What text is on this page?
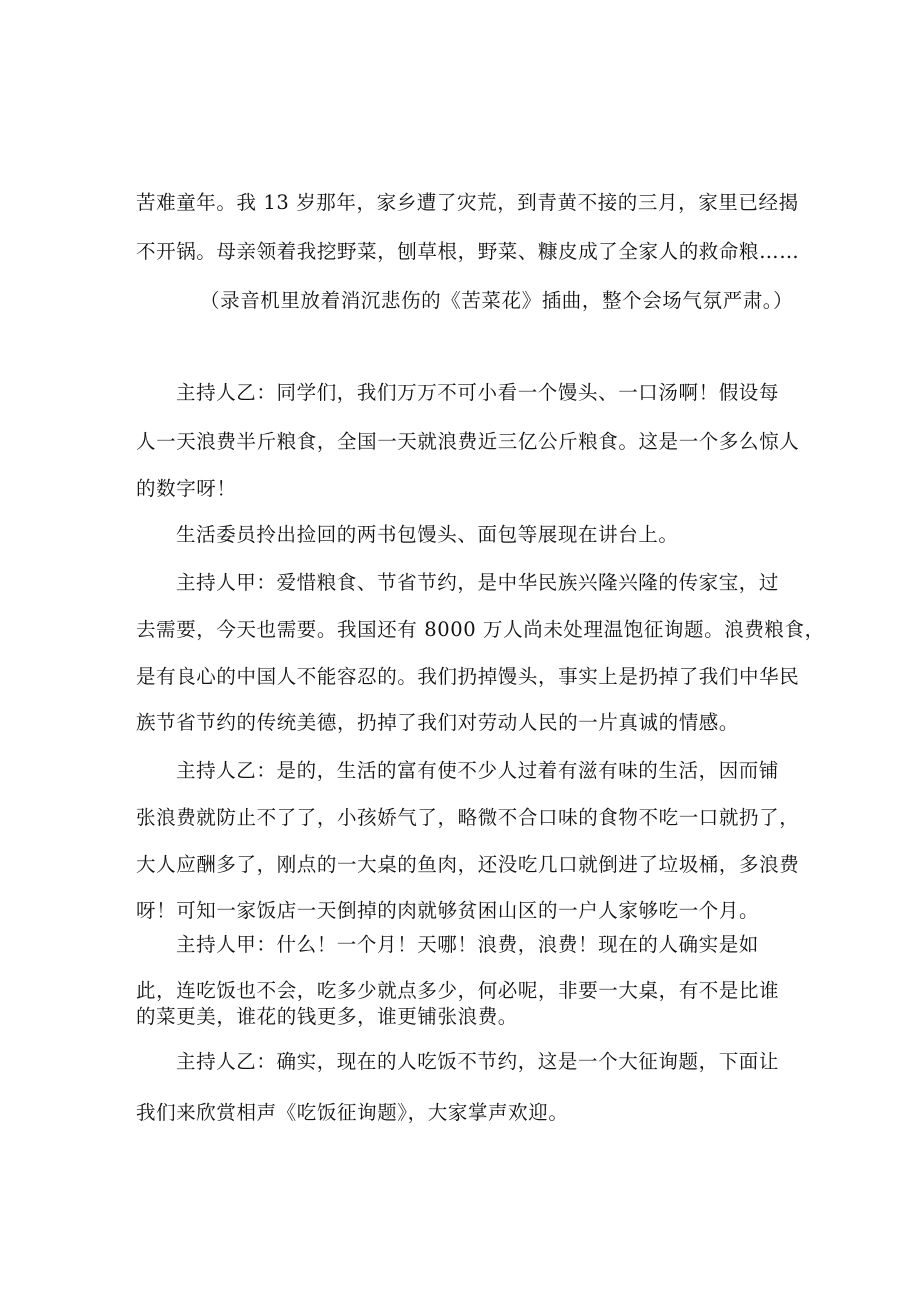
苦难童年。我 13 岁那年，家乡遭了灾荒，到青黄不接的三月，家里已经揭
不开锅。母亲领着我挖野菜，刨草根，野菜、糠皮成了全家人的救命粮……
（录音机里放着消沉悲伤的《苦菜花》插曲，整个会场气氛严肃。）
主持人乙：同学们，我们万万不可小看一个馒头、一口汤啊！假设每
人一天浪费半斤粮食，全国一天就浪费近三亿公斤粮食。这是一个多么惊人
的数字呀！
生活委员拎出捡回的两书包馒头、面包等展现在讲台上。
主持人甲：爱惜粮食、节省节约，是中华民族兴隆兴隆的传家宝，过
去需要，今天也需要。我国还有 8000 万人尚未处理温饱征询题。浪费粮食，
是有良心的中国人不能容忍的。我们扔掉馒头，事实上是扔掉了我们中华民
族节省节约的传统美德，扔掉了我们对劳动人民的一片真诚的情感。
主持人乙：是的，生活的富有使不少人过着有滋有味的生活，因而铺
张浪费就防止不了了，小孩娇气了，略微不合口味的食物不吃一口就扔了，
大人应酬多了，刚点的一大桌的鱼肉，还没吃几口就倒进了垃圾桶，多浪费
呀！可知一家饭店一天倒掉的肉就够贫困山区的一户人家够吃一个月。
主持人甲：什么！一个月！天哪！浪费，浪费！现在的人确实是如
此，连吃饭也不会，吃多少就点多少，何必呢，非要一大桌，有不是比谁
的菜更美，谁花的钱更多，谁更铺张浪费。
主持人乙：确实，现在的人吃饭不节约，这是一个大征询题，下面让
我们来欣赏相声《吃饭征询题》，大家掌声欢迎。
